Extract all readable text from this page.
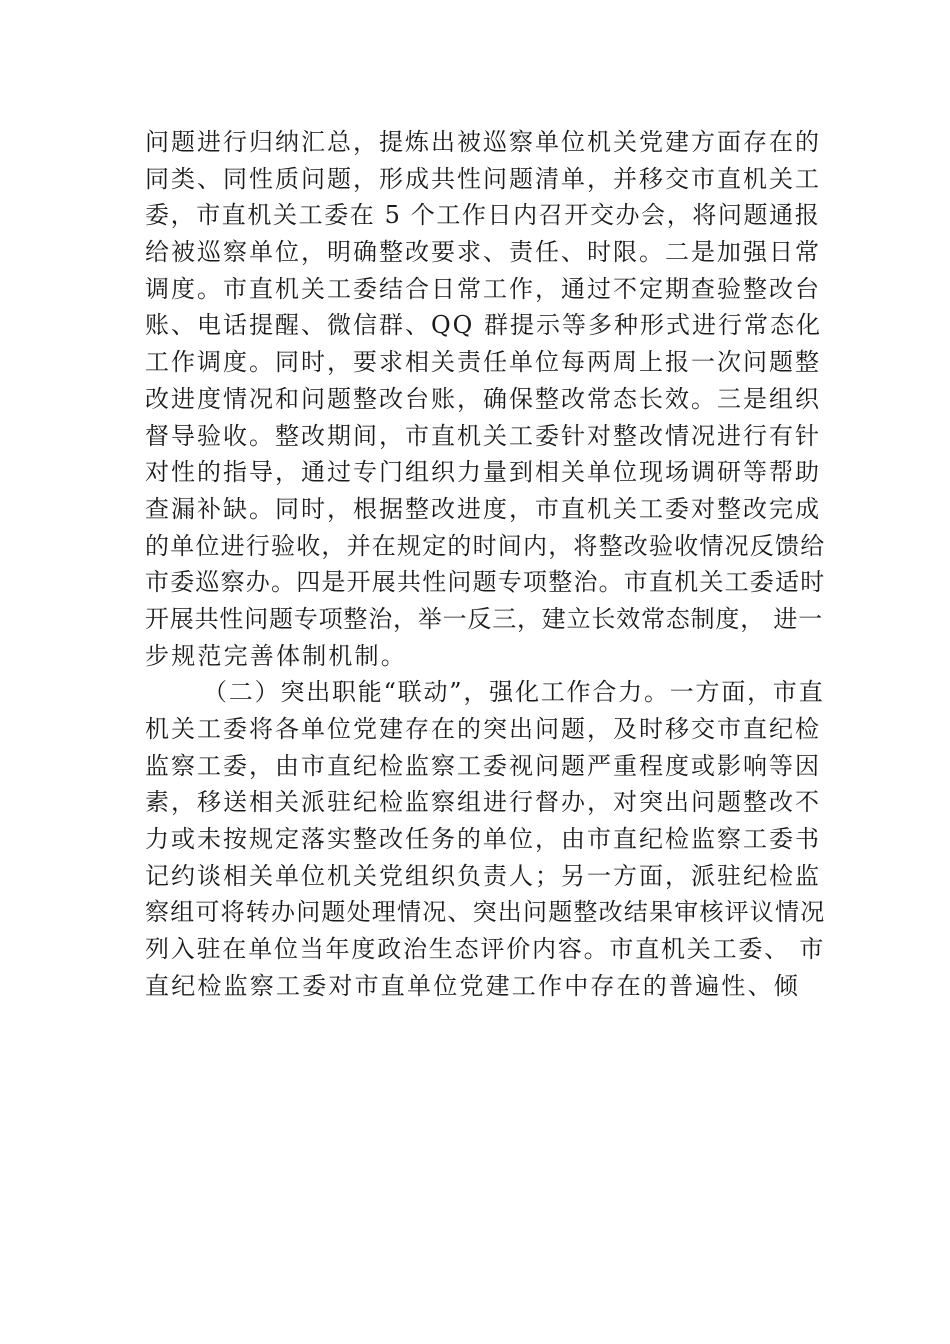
问题进行归纳汇总，提炼出被巡察单位机关党建方面存在的
同类、同性质问题，形成共性问题清单，并移交市直机关工
委，市直机关工委在 5 个工作日内召开交办会，将问题通报
给被巡察单位，明确整改要求、责任、时限。二是加强日常
调度。市直机关工委结合日常工作，通过不定期查验整改台
账、电话提醒、微信群、QQ 群提示等多种形式进行常态化
工作调度。同时，要求相关责任单位每两周上报一次问题整
改进度情况和问题整改台账，确保整改常态长效。三是组织
督导验收。整改期间，市直机关工委针对整改情况进行有针
对性的指导，通过专门组织力量到相关单位现场调研等帮助
查漏补缺。同时，根据整改进度，市直机关工委对整改完成
的单位进行验收，并在规定的时间内，将整改验收情况反馈给
市委巡察办。四是开展共性问题专项整治。市直机关工委适时
开展共性问题专项整治，举一反三，建立长效常态制度， 进一
步规范完善体制机制。
（二）突出职能“联动”，强化工作合力。一方面，市直
机关工委将各单位党建存在的突出问题，及时移交市直纪检
监察工委，由市直纪检监察工委视问题严重程度或影响等因
素，移送相关派驻纪检监察组进行督办，对突出问题整改不
力或未按规定落实整改任务的单位，由市直纪检监察工委书
记约谈相关单位机关党组织负责人；另一方面，派驻纪检监
察组可将转办问题处理情况、突出问题整改结果审核评议情况
列入驻在单位当年度政治生态评价内容。市直机关工委、 市
直纪检监察工委对市直单位党建工作中存在的普遍性、倾
